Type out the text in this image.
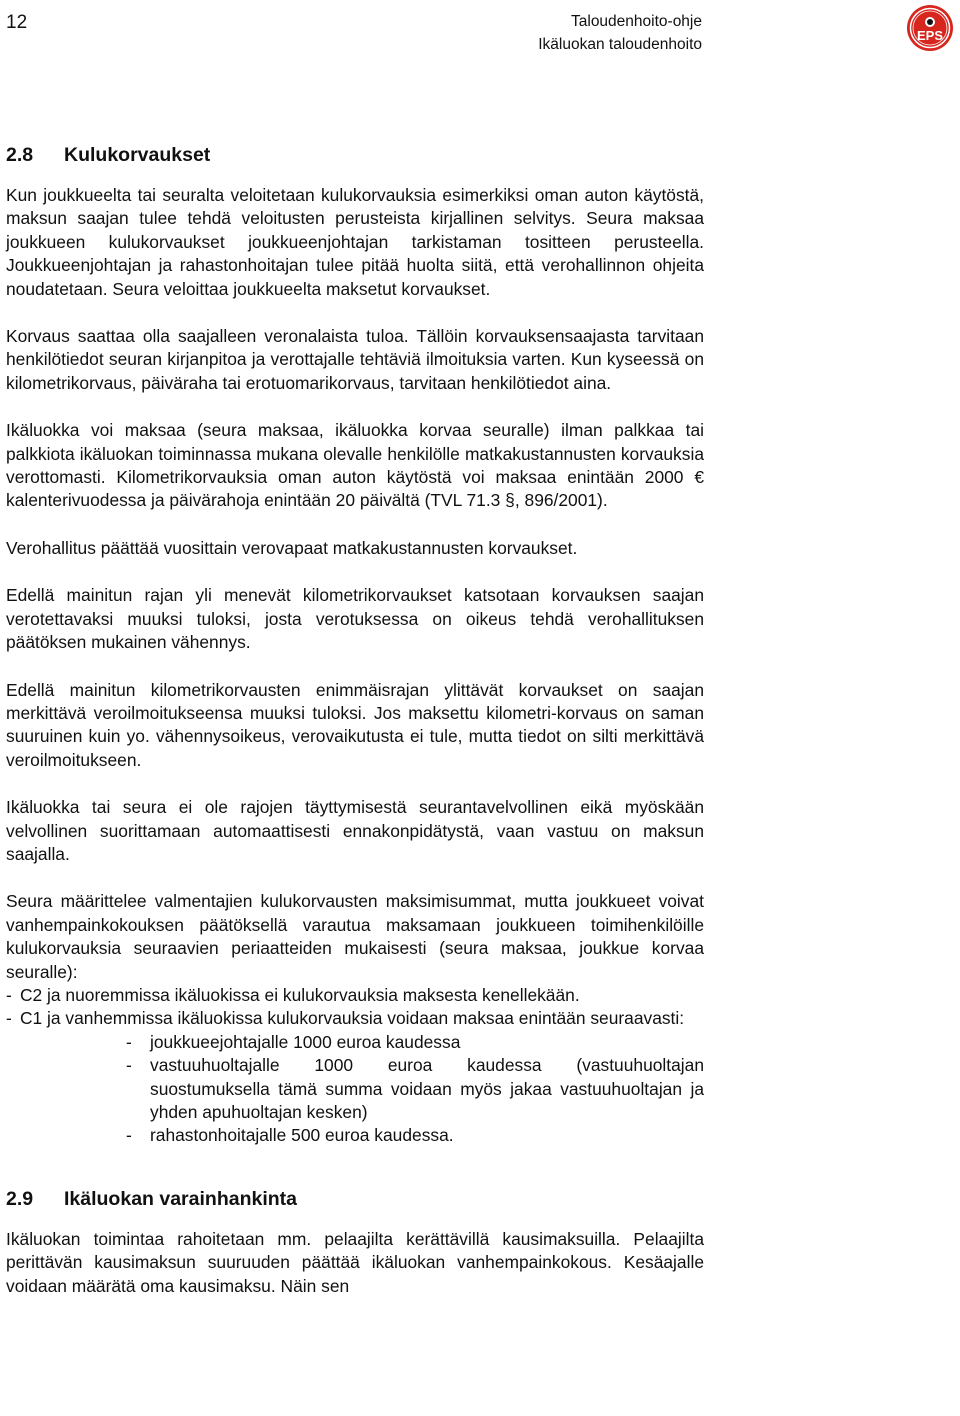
12	Taloudenhoito-ohje
Ikäluokan taloudenhoito
EPS
2.8	Kulukorvaukset

Kun joukkueelta tai seuralta veloitetaan kulukorvauksia esimerkiksi oman auton käytöstä, maksun saajan tulee tehdä veloitusten perusteista kirjallinen selvitys. Seura maksaa joukkueen kulukorvaukset joukkueenjohtajan tarkistaman tositteen perusteella. Joukkueenjohtajan ja rahastonhoitajan tulee pitää huolta siitä, että verohallinnon ohjeita noudatetaan. Seura veloittaa joukkueelta maksetut korvaukset.

Korvaus saattaa olla saajalleen veronalaista tuloa. Tällöin korvauksensaajasta tarvitaan henkilötiedot seuran kirjanpitoa ja verottajalle tehtäviä ilmoituksia varten. Kun kyseessä on kilometrikorvaus, päiväraha tai erotuomarikorvaus, tarvitaan henkilötiedot aina.

Ikäluokka voi maksaa (seura maksaa, ikäluokka korvaa seuralle) ilman palkkaa tai palkkiota ikäluokan toiminnassa mukana olevalle henkilölle matkakustannusten korvauksia verottomasti. Kilometrikorvauksia oman auton käytöstä voi maksaa enintään 2000 € kalenterivuodessa ja päivärahoja enintään 20 päivältä (TVL 71.3 §, 896/2001).

Verohallitus päättää vuosittain verovapaat matkakustannusten korvaukset.

Edellä mainitun rajan yli menevät kilometrikorvaukset katsotaan korvauksen saajan verotettavaksi muuksi tuloksi, josta verotuksessa on oikeus tehdä verohallituksen päätöksen mukainen vähennys.

Edellä mainitun kilometrikorvausten enimmäisrajan ylittävät korvaukset on saajan merkittävä veroilmoitukseensa muuksi tuloksi. Jos maksettu kilometri-korvaus on saman suuruinen kuin yo. vähennysoikeus, verovaikutusta ei tule, mutta tiedot on silti merkittävä veroilmoitukseen.

Ikäluokka tai seura ei ole rajojen täyttymisestä seurantavelvollinen eikä myöskään velvollinen suorittamaan automaattisesti ennakonpidätystä, vaan vastuu on maksun saajalla.

Seura määrittelee valmentajien kulukorvausten maksimisummat, mutta joukkueet voivat vanhempainkokouksen päätöksellä varautua maksamaan joukkueen toimihenkilöille kulukorvauksia seuraavien periaatteiden mukaisesti (seura maksaa, joukkue korvaa seuralle):

- C2 ja nuoremmissa ikäluokissa ei kulukorvauksia maksesta kenellekään.
- C1 ja vanhemmissa ikäluokissa kulukorvauksia voidaan maksaa enintään seuraavasti:
-	joukkueejohtajalle 1000 euroa kaudessa
-	vastuuhuoltajalle 1000 euroa kaudessa (vastuuhuoltajan suostumuksella tämä summa voidaan myös jakaa vastuuhuoltajan ja yhden apuhuoltajan kesken)
-	rahastonhoitajalle 500 euroa kaudessa.
2.9	Ikäluokan varainhankinta

Ikäluokan toimintaa rahoitetaan mm. pelaajilta kerättävillä kausimaksuilla. Pelaajilta perittävän kausimaksun suuruuden päättää ikäluokan vanhempainkokous. Kesäajalle voidaan määrätä oma kausimaksu. Näin sen
